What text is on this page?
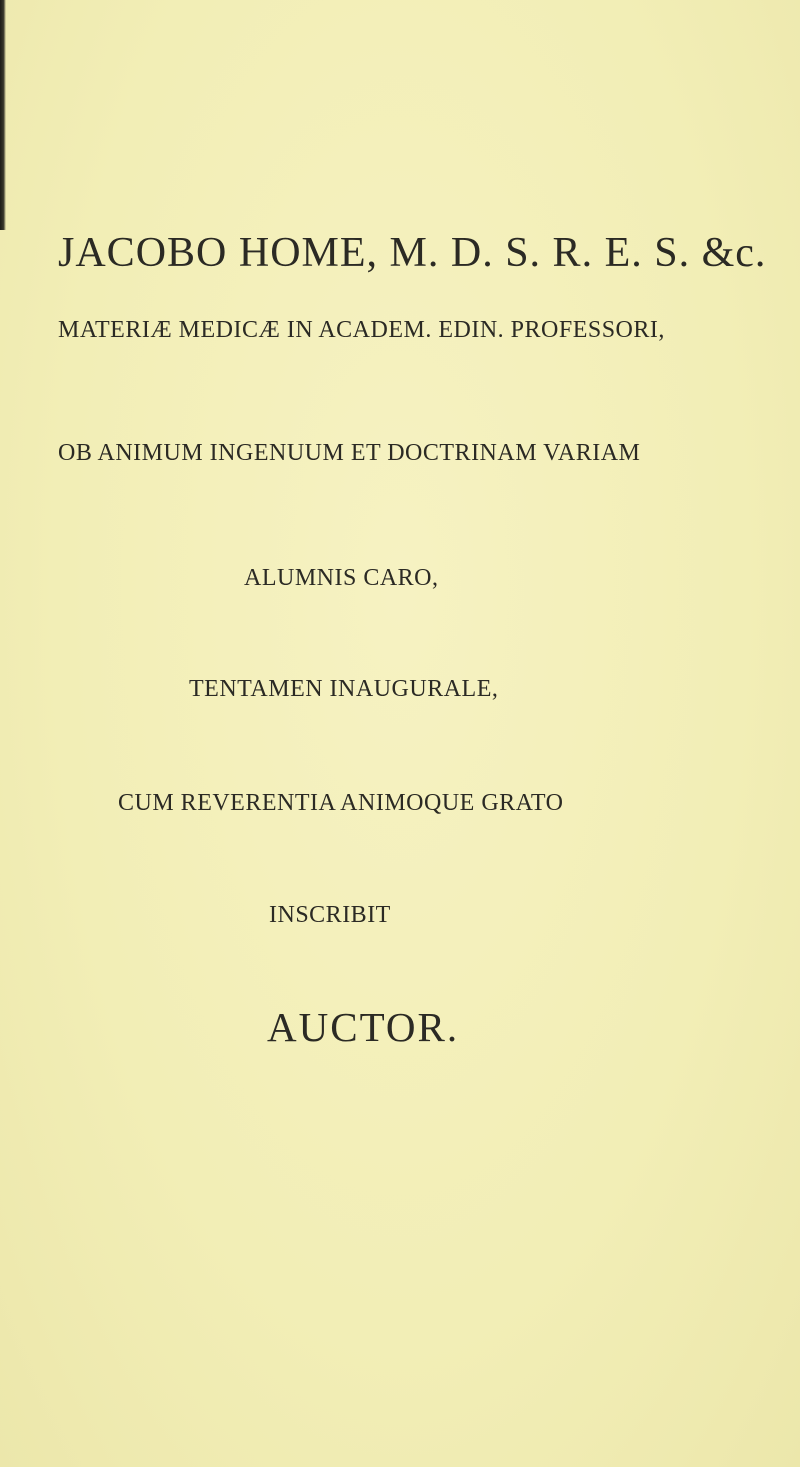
JACOBO HOME, M. D. S. R. E. S. &c.
MATERIÆ MEDICÆ IN ACADEM. EDIN. PROFESSORI,
OB ANIMUM INGENUUM ET DOCTRINAM VARIAM
ALUMNIS CARO,
TENTAMEN INAUGURALE,
CUM REVERENTIA ANIMOQUE GRATO
INSCRIBIT
AUCTOR.
